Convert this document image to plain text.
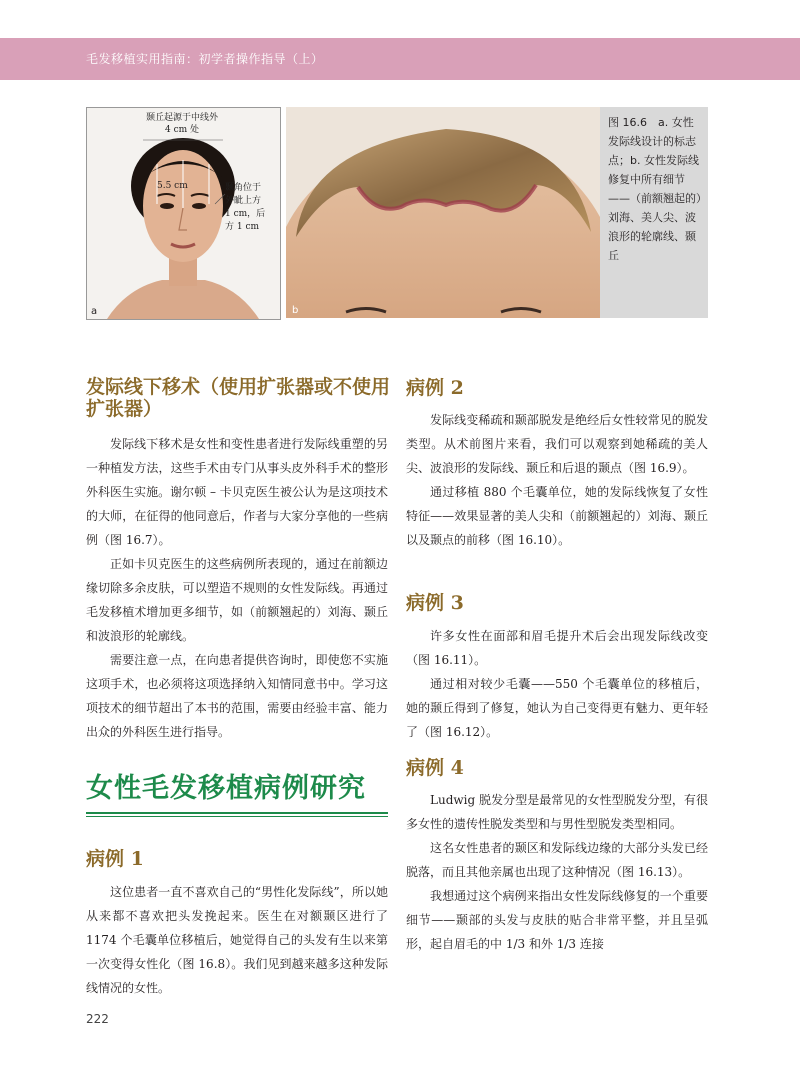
毛发移植实用指南：初学者操作指导（上）
颞丘起源于中线外
4 cm 处
5.5 cm	颞角位于
外眦上方
1 cm，后
方 1 cm
a	b
图 16.6　a. 女性发际线设计的标志点；b. 女性发际线修复中所有细节——（前额翘起的）刘海、美人尖、波浪形的轮廓线、颞丘
发际线下移术（使用扩张器或不使用扩张器）

发际线下移术是女性和变性患者进行发际线重塑的另一种植发方法，这些手术由专门从事头皮外科手术的整形外科医生实施。谢尔顿 – 卡贝克医生被公认为是这项技术的大师，在征得的他同意后，作者与大家分享他的一些病例（图 16.7）。

正如卡贝克医生的这些病例所表现的，通过在前额边缘切除多余皮肤，可以塑造不规则的女性发际线。再通过毛发移植术增加更多细节，如（前额翘起的）刘海、颞丘和波浪形的轮廓线。

需要注意一点，在向患者提供咨询时，即使您不实施这项手术，也必须将这项选择纳入知情同意书中。学习这项技术的细节超出了本书的范围，需要由经验丰富、能力出众的外科医生进行指导。

女性毛发移植病例研究
病例 1

这位患者一直不喜欢自己的“男性化发际线”，所以她从来都不喜欢把头发挽起来。医生在对额颞区进行了 1174 个毛囊单位移植后，她觉得自己的头发有生以来第一次变得女性化（图 16.8）。我们见到越来越多这种发际线情况的女性。

病例 2

发际线变稀疏和颞部脱发是绝经后女性较常见的脱发类型。从术前图片来看，我们可以观察到她稀疏的美人尖、波浪形的发际线、颞丘和后退的颞点（图 16.9）。

通过移植 880 个毛囊单位，她的发际线恢复了女性特征——效果显著的美人尖和（前额翘起的）刘海、颞丘以及颞点的前移（图 16.10）。

病例 3

许多女性在面部和眉毛提升术后会出现发际线改变（图 16.11）。

通过相对较少毛囊——550 个毛囊单位的移植后，她的颞丘得到了修复，她认为自己变得更有魅力、更年轻了（图 16.12）。

病例 4

Ludwig 脱发分型是最常见的女性型脱发分型，有很多女性的遗传性脱发类型和与男性型脱发类型相同。

这名女性患者的颞区和发际线边缘的大部分头发已经脱落，而且其他亲属也出现了这种情况（图 16.13）。

我想通过这个病例来指出女性发际线修复的一个重要细节——颞部的头发与皮肤的贴合非常平整，并且呈弧形，起自眉毛的中 1/3 和外 1/3 连接

222
